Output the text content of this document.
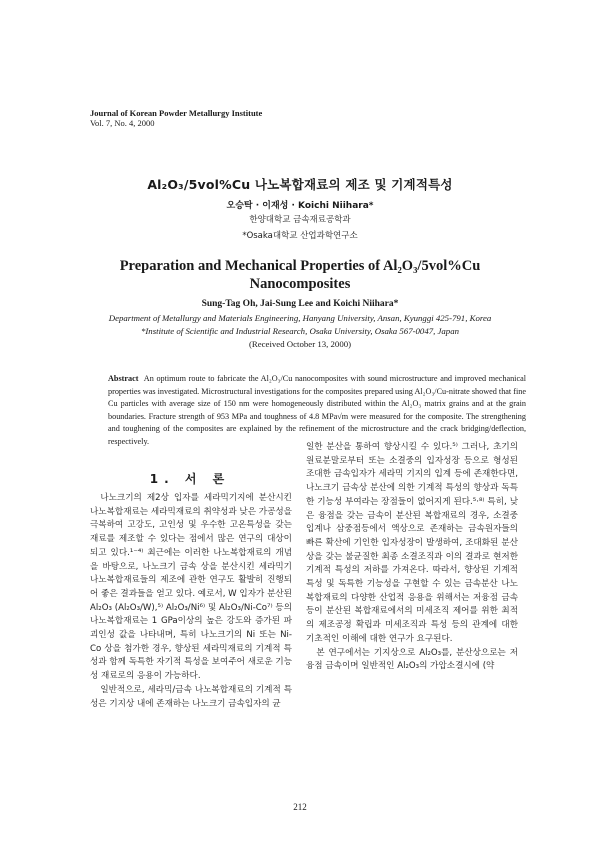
Journal of Korean Powder Metallurgy Institute
Vol. 7, No. 4, 2000
Al₂O₃/5vol%Cu 나노복합재료의 제조 및 기계적특성
오승탁 · 이재성 · Koichi Niihara*
한양대학교 금속재료공학과
*Osaka대학교 산업과학연구소
Preparation and Mechanical Properties of Al₂O₃/5vol%Cu
Nanocomposites
Sung-Tag Oh, Jai-Sung Lee and Koichi Niihara*
Department of Metallurgy and Materials Engineering, Hanyang University, Ansan, Kyunggi 425-791, Korea
*Institute of Scientific and Industrial Research, Osaka University, Osaka 567-0047, Japan
(Received October 13, 2000)
Abstract An optimum route to fabricate the Al₂O₃/Cu nanocomposites with sound microstructure and improved mechanical properties was investigated. Microstructural investigations for the composites prepared using Al₂O₃/Cu-nitrate showed that fine Cu particles with average size of 150 nm were homogeneously distributed within the Al₂O₃ matrix grains and at the grain boundaries. Fracture strength of 953 MPa and toughness of 4.8 MPa√m were measured for the composite. The strengthening and toughening of the composites are explained by the refinement of the microstructure and the crack bridging/deflection, respectively.
1. 서 론

나노크기의 제2상 입자를 세라믹기지에 분산시킨 나노복합재료는 세라믹재료의 취약성과 낮은 가공성을 극복하여 고강도, 고인성 및 우수한 고온특성을 갖는 재료를 제조할 수 있다는 점에서 많은 연구의 대상이 되고 있다.¹⁻⁴⁾ 최근에는 이러한 나노복합재료의 개념을 바탕으로, 나노크기 금속 상을 분산시킨 세라믹기 나노복합재료들의 제조에 관한 연구도 활발히 진행되어 좋은 결과들을 얻고 있다. 예로서, W 입자가 분산된 Al₂O₃ (Al₂O₃/W),⁵⁾ Al₂O₃/Ni⁶⁾ 및 Al₂O₃/Ni-Co⁷⁾ 등의 나노복합재료는 1 GPa이상의 높은 강도와 증가된 파괴인성 값을 나타내며, 특히 나노크기의 Ni 또는 Ni-Co 상을 첨가한 경우, 향상된 세라믹재료의 기계적 특성과 함께 독특한 자기적 특성을 보여주어 새로운 기능성 재료로의 응용이 가능하다.

일반적으로, 세라믹/금속 나노복합재료의 기계적 특성은 기지상 내에 존재하는 나노크기 금속입자의 균

일한 분산을 통하여 향상시킬 수 있다.⁵⁾ 그러나, 초기의 원료분말로부터 또는 소결중의 입자성장 등으로 형성된 조대한 금속입자가 세라믹 기지의 입계 등에 존재한다면, 나노크기 금속상 분산에 의한 기계적 특성의 향상과 독특한 기능성 부여라는 장점들이 없어지게 된다.⁵·⁸⁾ 특히, 낮은 융점을 갖는 금속이 분산된 복합재료의 경우, 소결중 입계나 삼중점등에서 액상으로 존재하는 금속원자들의 빠른 확산에 기인한 입자성장이 발생하여, 조대화된 분산상을 갖는 불균질한 최종 소결조직과 이의 결과로 현저한 기계적 특성의 저하를 가져온다. 따라서, 향상된 기계적 특성 및 독특한 기능성을 구현할 수 있는 금속분산 나노복합재료의 다양한 산업적 응용을 위해서는 저융점 금속 등이 분산된 복합재료에서의 미세조직 제어를 위한 최적의 제조공정 확립과 미세조직과 특성 등의 관계에 대한 기초적인 이해에 대한 연구가 요구된다.

본 연구에서는 기지상으로 Al₂O₃를, 분산상으로는 저융점 금속이며 일반적인 Al₂O₃의 가압소결시에 (약

212
